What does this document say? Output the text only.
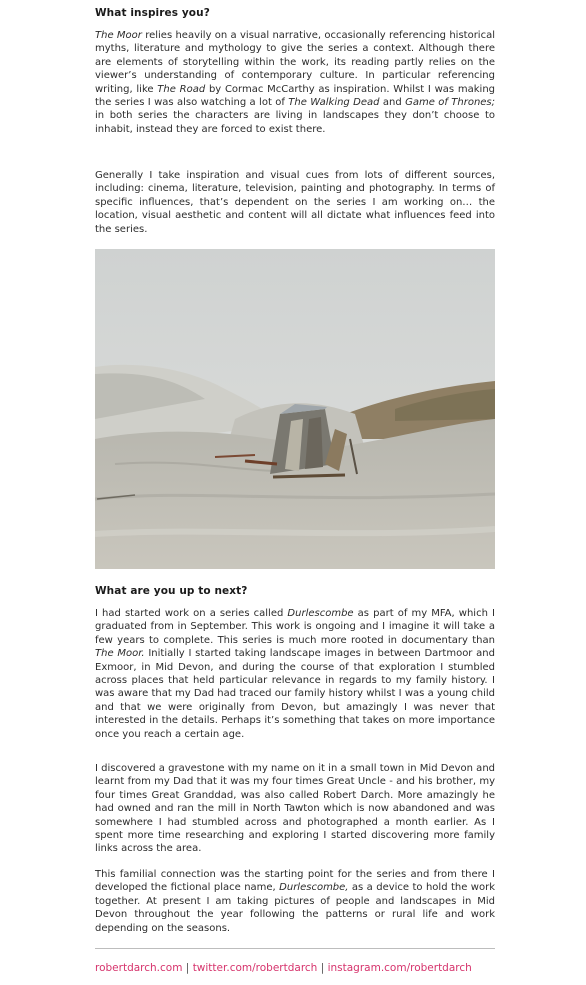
What inspires you?

The Moor relies heavily on a visual narrative, occasionally referencing historical myths, literature and mythology to give the series a context. Although there are elements of storytelling within the work, its reading partly relies on the viewer’s understanding of contemporary culture. In particular referencing writing, like The Road by Cormac McCarthy as inspiration. Whilst I was making the series I was also watching a lot of The Walking Dead and Game of Thrones; in both series the characters are living in landscapes they don’t choose to inhabit, instead they are forced to exist there.

Generally I take inspiration and visual cues from lots of different sources, including: cinema, literature, television, painting and photography. In terms of specific influences, that’s dependent on the series I am working on… the location, visual aesthetic and content will all dictate what influences feed into the series.

What are you up to next?

I had started work on a series called Durlescombe as part of my MFA, which I graduated from in September. This work is ongoing and I imagine it will take a few years to complete. This series is much more rooted in documentary than The Moor. Initially I started taking landscape images in between Dartmoor and Exmoor, in Mid Devon, and during the course of that exploration I stumbled across places that held particular relevance in regards to my family history. I was aware that my Dad had traced our family history whilst I was a young child and that we were originally from Devon, but amazingly I was never that interested in the details. Perhaps it’s something that takes on more importance once you reach a certain age.

I discovered a gravestone with my name on it in a small town in Mid Devon and learnt from my Dad that it was my four times Great Uncle - and his brother, my four times Great Granddad, was also called Robert Darch. More amazingly he had owned and ran the mill in North Tawton which is now abandoned and was somewhere I had stumbled across and photographed a month earlier. As I spent more time researching and exploring I started discovering more family links across the area.

This familial connection was the starting point for the series and from there I developed the fictional place name, Durlescombe, as a device to hold the work together. At present I am taking pictures of people and landscapes in Mid Devon throughout the year following the patterns or rural life and work depending on the seasons.

robertdarch.com | twitter.com/robertdarch | instagram.com/robertdarch
